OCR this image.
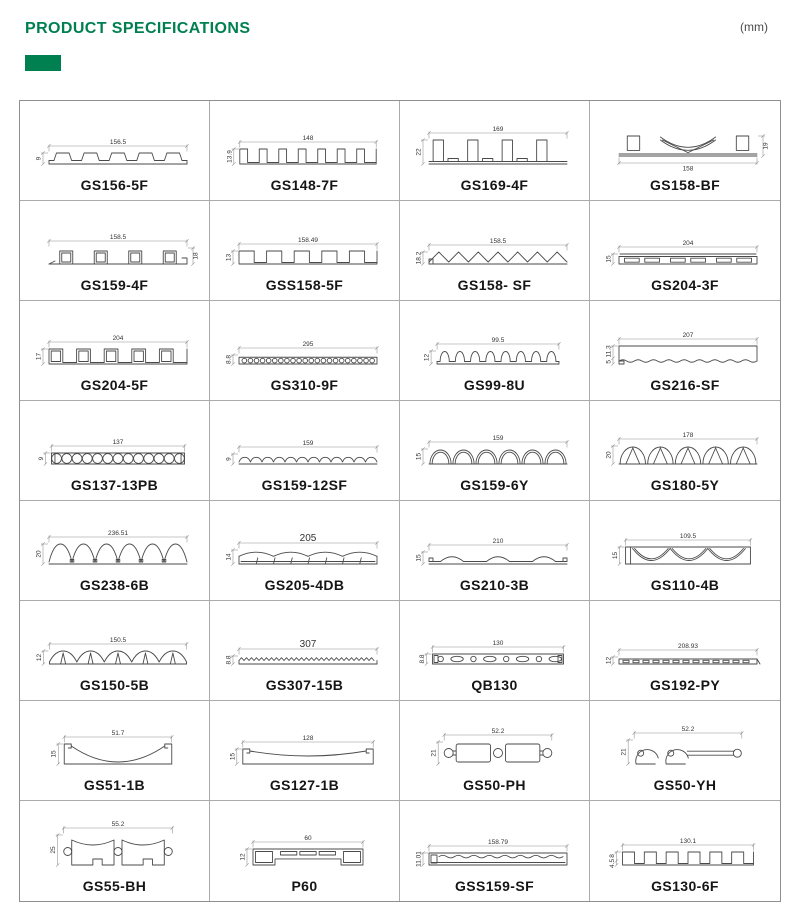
PRODUCT SPECIFICATIONS	(mm)
156.5
9
GS156-5F
148
13.9
GS148-7F
169
22
GS169-4F
158
19
GS158-BF
158.5
18
GS159-4F
158.49
13
GSS158-5F
158.5
18.2
GS158- SF
204
15
GS204-3F
204
17
GS204-5F
295
8.8
GS310-9F
99.5
12
GS99-8U
207
11.3
5
GS216-SF
137
9
GS137-13PB
159
9
GS159-12SF
159
15
GS159-6Y
178
20
GS180-5Y
236.51
20
GS238-6B
205
14
GS205-4DB
210
15
GS210-3B
109.5
15
GS110-4B
150.5
12
GS150-5B
307
8.8
GS307-15B
130
8.8
QB130
208.93
12
GS192-PY
51.7
15
GS51-1B
128
15
GS127-1B
52.2
21
GS50-PH
52.2
21
GS50-YH
55.2
25
GS55-BH
60
12
P60
158.79
11.01
GSS159-SF
130.1
8
4.5
GS130-6F
